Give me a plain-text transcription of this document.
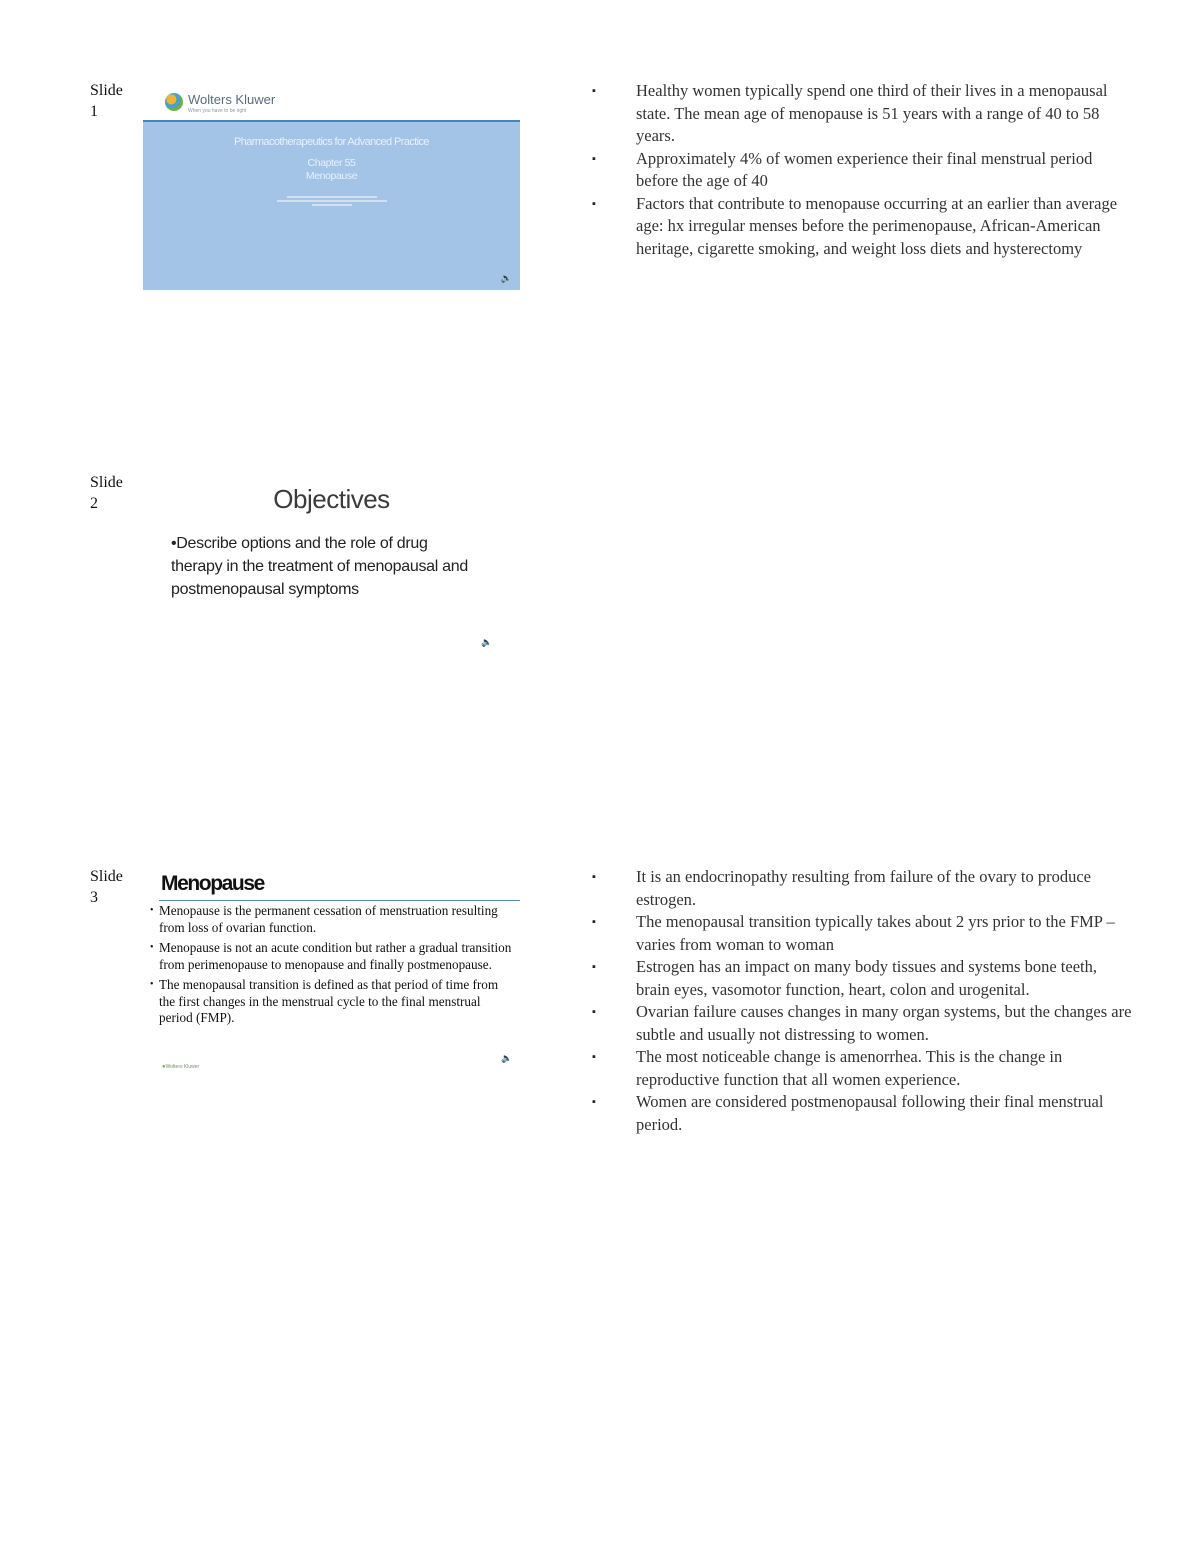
Slide 1
Wolters Kluwer
When you have to be right
Pharmacotherapeutics for Advanced Practice
Chapter 55
Menopause
🔈
▪ Healthy women typically spend one third of their lives in a menopausal state. The mean age of menopause is 51 years with a range of 40 to 58 years.
▪ Approximately 4% of women experience their final menstrual period before the age of 40
▪ Factors that contribute to menopause occurring at an earlier than average age: hx irregular menses before the perimenopause, African-American heritage, cigarette smoking, and weight loss diets and hysterectomy
Slide 2	Objectives
•Describe options and the role of drug therapy in the treatment of menopausal and postmenopausal symptoms
🔈
Slide 3
Menopause
• Menopause is the permanent cessation of menstruation resulting from loss of ovarian function.
• Menopause is not an acute condition but rather a gradual transition from perimenopause to menopause and finally postmenopause.
• The menopausal transition is defined as that period of time from the first changes in the menstrual cycle to the final menstrual period (FMP).
🔈
● Wolters Kluwer
▪ It is an endocrinopathy resulting from failure of the ovary to produce estrogen.
▪ The menopausal transition typically takes about 2 yrs prior to the FMP – varies from woman to woman
▪ Estrogen has an impact on many body tissues and systems bone teeth, brain eyes, vasomotor function, heart, colon and urogenital.
▪ Ovarian failure causes changes in many organ systems, but the changes are subtle and usually not distressing to women.
▪ The most noticeable change is amenorrhea. This is the change in reproductive function that all women experience.
▪ Women are considered postmenopausal following their final menstrual period.
